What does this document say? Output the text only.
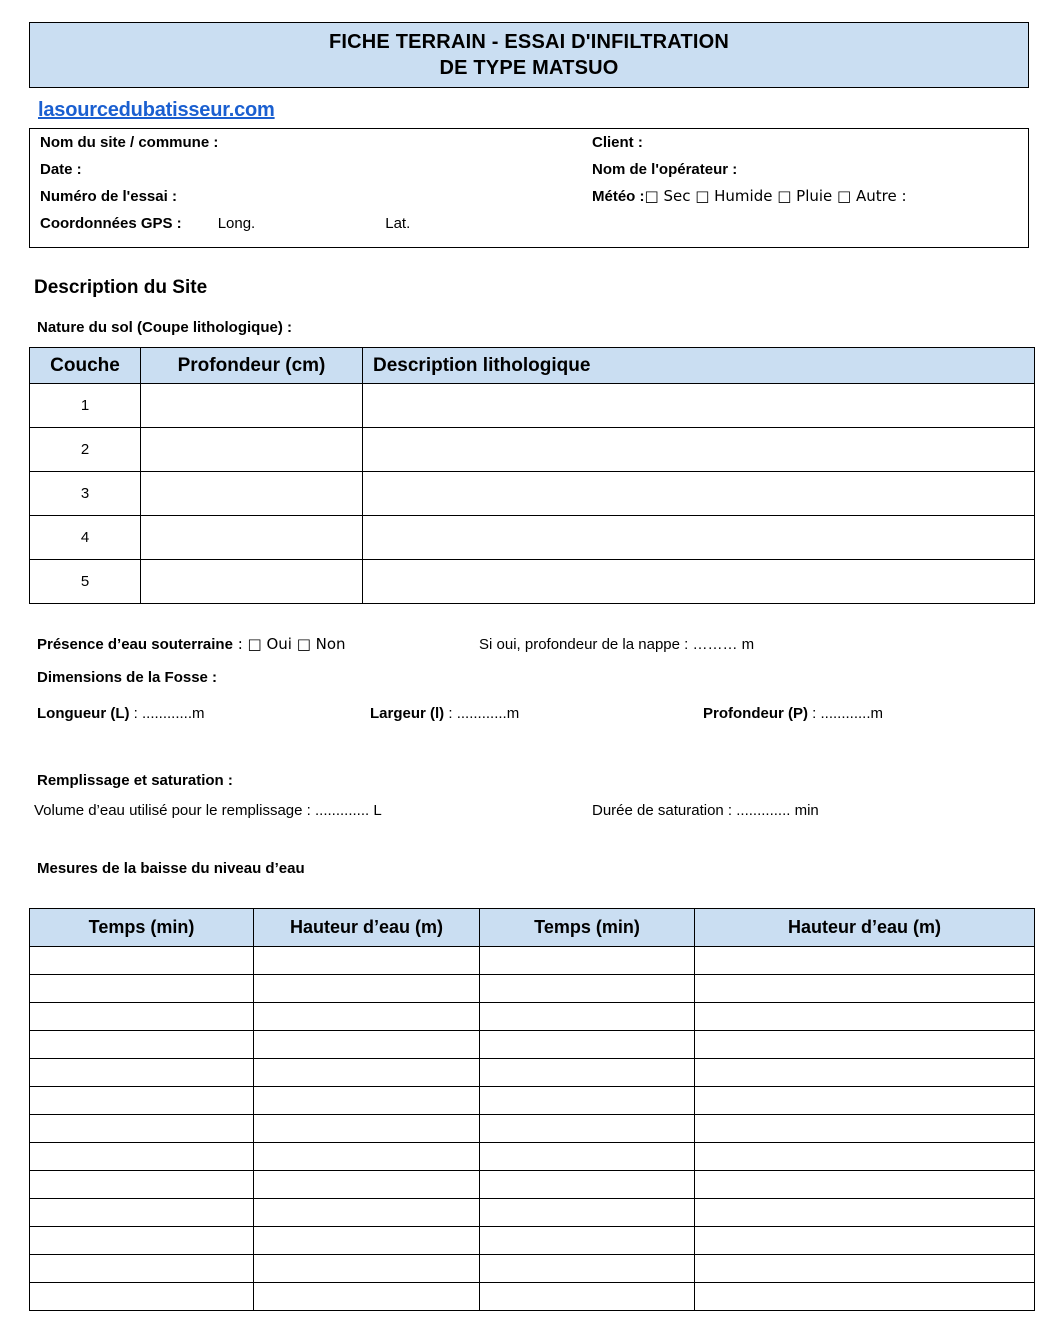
FICHE TERRAIN - ESSAI D'INFILTRATION
DE TYPE MATSUO
lasourcedubatisseur.com
Nom du site / commune :	Client :
Date :	Nom de l'opérateur :
Numéro de l'essai :	Météo :□ Sec □ Humide □ Pluie □ Autre :
Coordonnées GPS : Long.	Lat.
Description du Site
Nature du sol (Coupe lithologique) :
Couche	Profondeur (cm)	Description lithologique
1		
2		
3		
4		
5		
Présence d’eau souterraine : □ Oui □ Non	Si oui, profondeur de la nappe : ……… m
Dimensions de la Fosse :
Longueur (L) : ............m	Largeur (l) : ............m	Profondeur (P) : ............m
Remplissage et saturation :
Volume d’eau utilisé pour le remplissage : ............. L	Durée de saturation : ............. min
Mesures de la baisse du niveau d’eau
Temps (min)	Hauteur d’eau (m)	Temps (min)	Hauteur d’eau (m)
